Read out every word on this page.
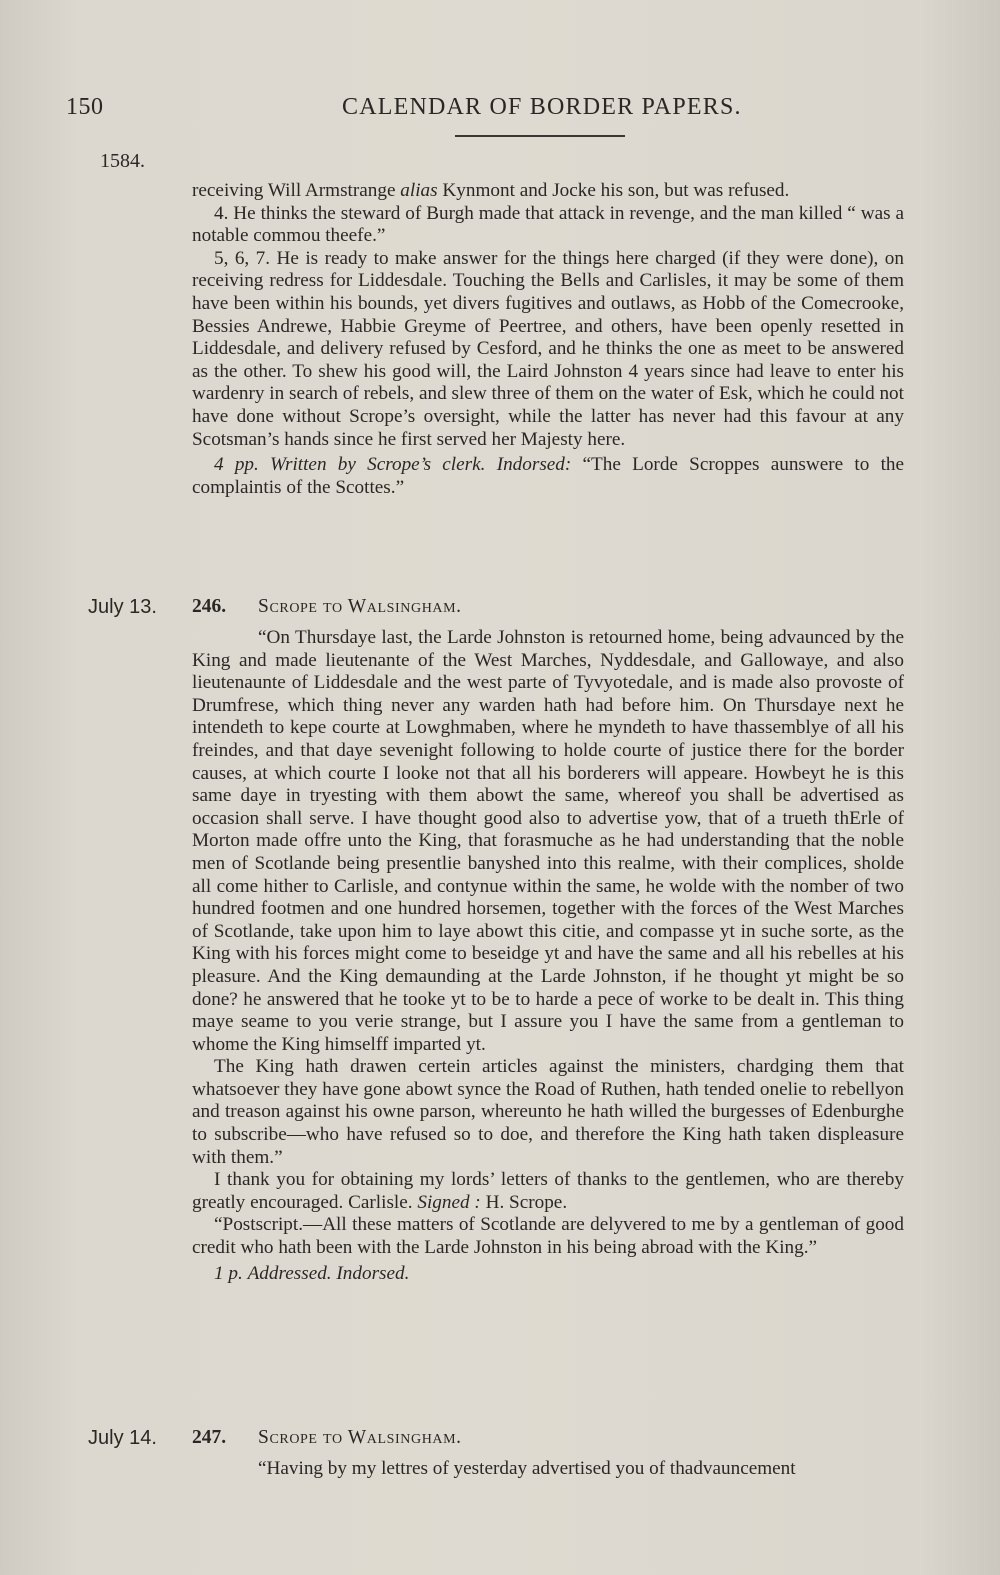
150	CALENDAR OF BORDER PAPERS.
1584.

receiving Will Armstrange alias Kynmont and Jocke his son, but was refused.

4. He thinks the steward of Burgh made that attack in revenge, and the man killed “ was a notable commou theefe.”

5, 6, 7. He is ready to make answer for the things here charged (if they were done), on receiving redress for Liddesdale. Touching the Bells and Carlisles, it may be some of them have been within his bounds, yet divers fugitives and outlaws, as Hobb of the Comecrooke, Bessies Andrewe, Habbie Greyme of Peertree, and others, have been openly resetted in Liddesdale, and delivery refused by Cesford, and he thinks the one as meet to be answered as the other. To shew his good will, the Laird Johnston 4 years since had leave to enter his wardenry in search of rebels, and slew three of them on the water of Esk, which he could not have done without Scrope’s oversight, while the latter has never had this favour at any Scotsman’s hands since he first served her Majesty here.

4 pp. Written by Scrope’s clerk. Indorsed: “The Lorde Scroppes aunswere to the complaintis of the Scottes.”

July 13. 246. Scrope to Walsingham.

“On Thursdaye last, the Larde Johnston is retourned home, being advaunced by the King and made lieutenante of the West Marches, Nyddesdale, and Gallowaye, and also lieutenaunte of Liddesdale and the west parte of Tyvyotedale, and is made also provoste of Drumfrese, which thing never any warden hath had before him. On Thursdaye next he intendeth to kepe courte at Lowghmaben, where he myndeth to have thassemblye of all his freindes, and that daye sevenight following to holde courte of justice there for the border causes, at which courte I looke not that all his borderers will appeare. Howbeyt he is this same daye in tryesting with them abowt the same, whereof you shall be advertised as occasion shall serve. I have thought good also to advertise yow, that of a trueth thErle of Morton made offre unto the King, that forasmuche as he had understanding that the noble men of Scotlande being presentlie banyshed into this realme, with their complices, sholde all come hither to Carlisle, and contynue within the same, he wolde with the nomber of two hundred footmen and one hundred horsemen, together with the forces of the West Marches of Scotlande, take upon him to laye abowt this citie, and compasse yt in suche sorte, as the King with his forces might come to beseidge yt and have the same and all his rebelles at his pleasure. And the King demaunding at the Larde Johnston, if he thought yt might be so done? he answered that he tooke yt to be to harde a pece of worke to be dealt in. This thing maye seame to you verie strange, but I assure you I have the same from a gentleman to whome the King himselff imparted yt.

The King hath drawen certein articles against the ministers, chardging them that whatsoever they have gone abowt synce the Road of Ruthen, hath tended onelie to rebellyon and treason against his owne parson, whereunto he hath willed the burgesses of Edenburghe to subscribe—who have refused so to doe, and therefore the King hath taken displeasure with them.”

I thank you for obtaining my lords’ letters of thanks to the gentlemen, who are thereby greatly encouraged. Carlisle. Signed : H. Scrope.

“Postscript.—All these matters of Scotlande are delyvered to me by a gentleman of good credit who hath been with the Larde Johnston in his being abroad with the King.”

1 p. Addressed. Indorsed.

July 14. 247. Scrope to Walsingham.

“Having by my lettres of yesterday advertised you of thadvauncement
